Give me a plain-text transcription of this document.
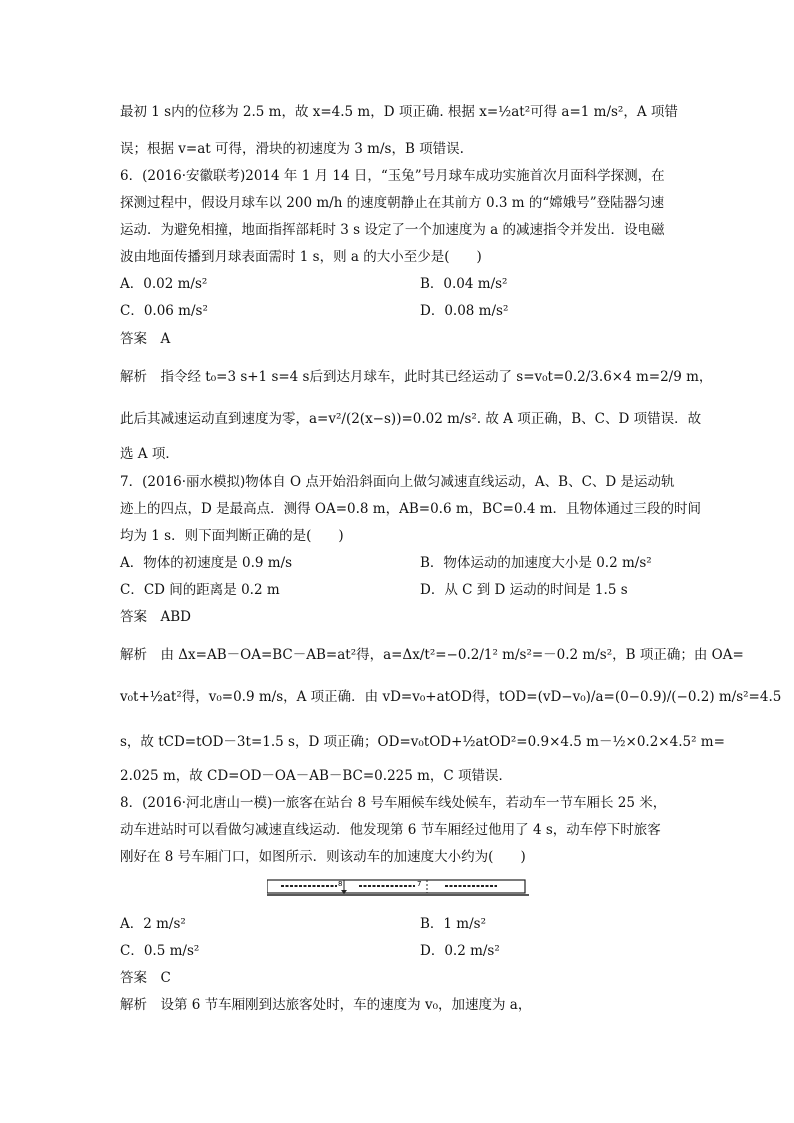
最初 1 s内的位移为 2.5 m，故 x=4.5 m，D 项正确. 根据 x=½at²可得 a=1 m/s²，A 项错
误；根据 v=at 可得，滑块的初速度为 3 m/s，B 项错误.
6．(2016·安徽联考)2014 年 1 月 14 日，“玉兔”号月球车成功实施首次月面科学探测，在
探测过程中，假设月球车以 200 m/h 的速度朝静止在其前方 0.3 m 的“嫦娥号”登陆器匀速
运动．为避免相撞，地面指挥部耗时 3 s 设定了一个加速度为 a 的减速指令并发出．设电磁
波由地面传播到月球表面需时 1 s，则 a 的大小至少是(　　)
A．0.02 m/s²	B．0.04 m/s²
C．0.06 m/s²	D．0.08 m/s²
答案　A
解析　指令经 t₀=3 s+1 s=4 s后到达月球车，此时其已经运动了 s=v₀t=0.2/3.6×4 m=2/9 m，
此后其减速运动直到速度为零，a=v²/(2(x−s))=0.02 m/s². 故 A 项正确，B、C、D 项错误．故
选 A 项．
7．(2016·丽水模拟)物体自 O 点开始沿斜面向上做匀减速直线运动，A、B、C、D 是运动轨
迹上的四点，D 是最高点．测得 OA=0.8 m，AB=0.6 m，BC=0.4 m．且物体通过三段的时间
均为 1 s．则下面判断正确的是(　　)
A．物体的初速度是 0.9 m/s	B．物体运动的加速度大小是 0.2 m/s²
C．CD 间的距离是 0.2 m	D．从 C 到 D 运动的时间是 1.5 s
答案　ABD
解析　由 Δx=AB－OA=BC－AB=at²得，a=Δx/t²=−0.2/1² m/s²=－0.2 m/s²，B 项正确；由 OA=
v₀t+½at²得，v₀=0.9 m/s，A 项正确．由 vD=v₀+atOD得，tOD=(vD−v₀)/a=(0−0.9)/(−0.2) m/s²=4.5
s，故 tCD=tOD－3t=1.5 s，D 项正确；OD=v₀tOD+½atOD²=0.9×4.5 m－½×0.2×4.5² m=
2.025 m，故 CD=OD－OA－AB－BC=0.225 m，C 项错误．
8．(2016·河北唐山一模)一旅客在站台 8 号车厢候车线处候车，若动车一节车厢长 25 米，
动车进站时可以看做匀减速直线运动．他发现第 6 节车厢经过他用了 4 s，动车停下时旅客
刚好在 8 号车厢门口，如图所示．则该动车的加速度大小约为(　　)
8	7
A．2 m/s²	B．1 m/s²
C．0.5 m/s²	D．0.2 m/s²
答案　C
解析　设第 6 节车厢刚到达旅客处时，车的速度为 v₀，加速度为 a，
